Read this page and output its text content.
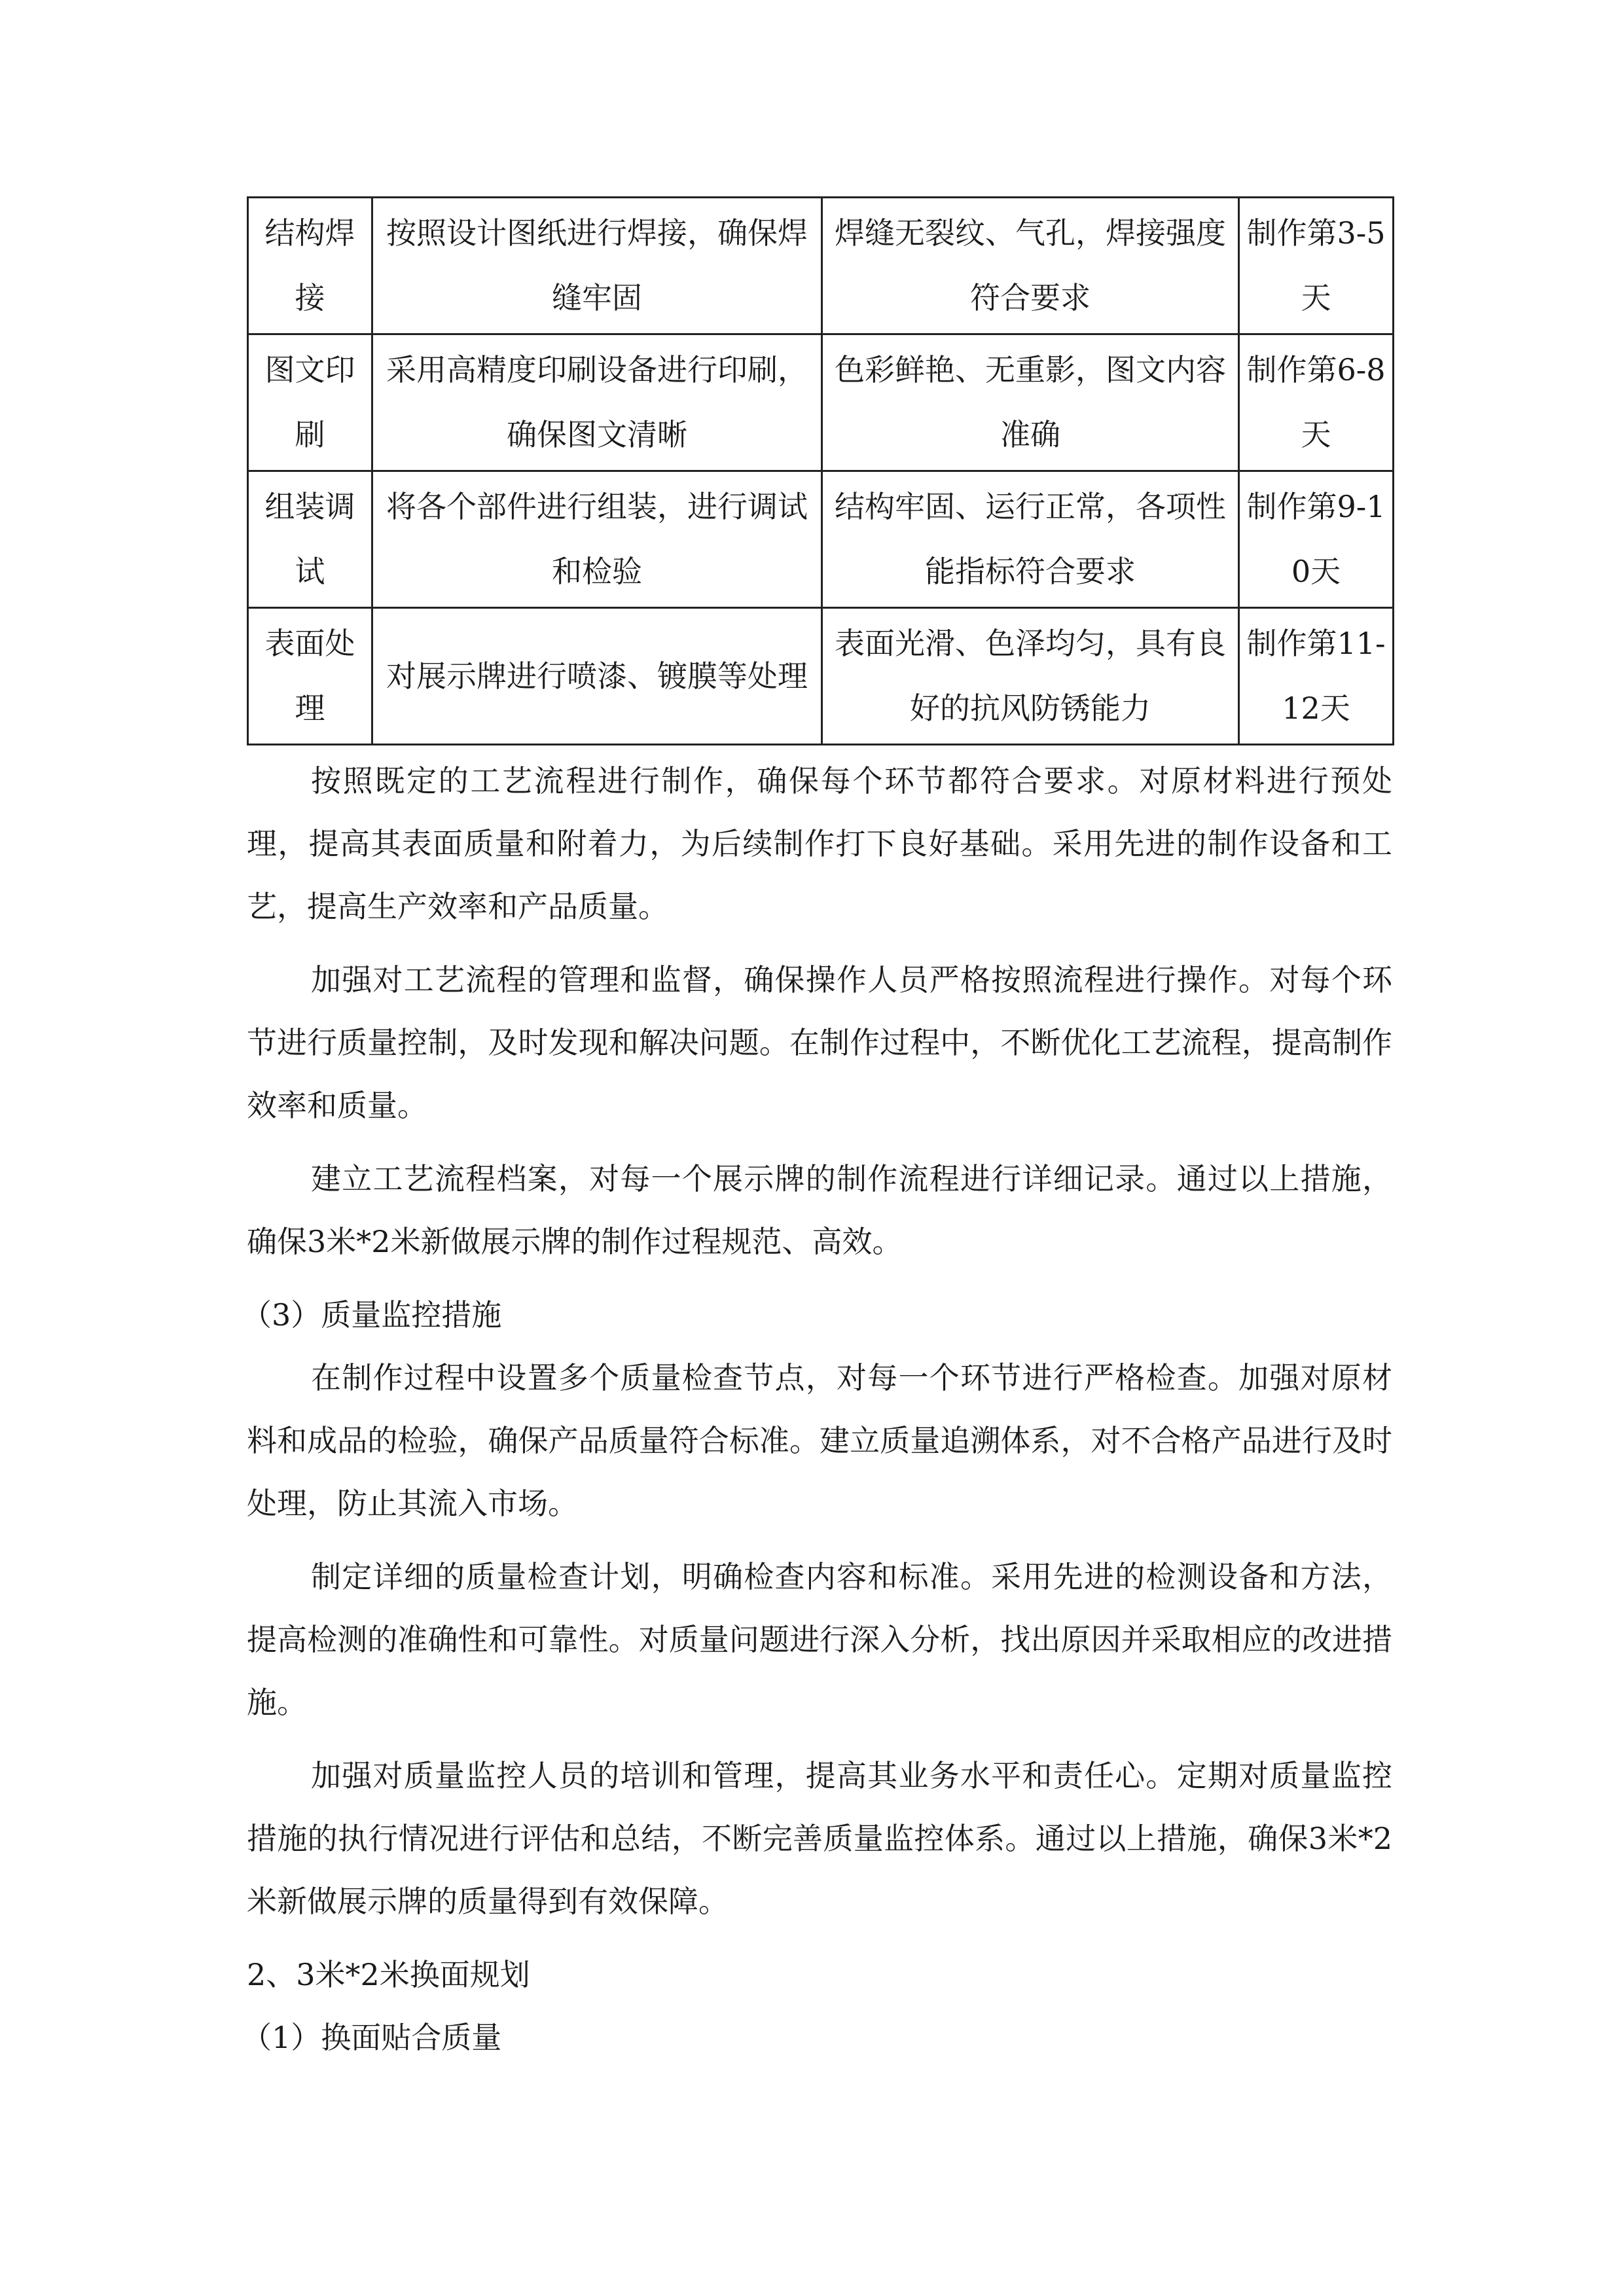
结构焊接	按照设计图纸进行焊接，确保焊缝牢固	焊缝无裂纹、气孔，焊接强度符合要求	制作第3-5天
图文印刷	采用高精度印刷设备进行印刷，确保图文清晰	色彩鲜艳、无重影，图文内容准确	制作第6-8天
组装调试	将各个部件进行组装，进行调试和检验	结构牢固、运行正常，各项性能指标符合要求	制作第9-10天
表面处理	对展示牌进行喷漆、镀膜等处理	表面光滑、色泽均匀，具有良好的抗风防锈能力	制作第11-12天

按照既定的工艺流程进行制作，确保每个环节都符合要求。对原材料进行预处理，提高其表面质量和附着力，为后续制作打下良好基础。采用先进的制作设备和工艺，提高生产效率和产品质量。

加强对工艺流程的管理和监督，确保操作人员严格按照流程进行操作。对每个环节进行质量控制，及时发现和解决问题。在制作过程中，不断优化工艺流程，提高制作效率和质量。

建立工艺流程档案，对每一个展示牌的制作流程进行详细记录。通过以上措施，确保3米*2米新做展示牌的制作过程规范、高效。

（3）质量监控措施

在制作过程中设置多个质量检查节点，对每一个环节进行严格检查。加强对原材料和成品的检验，确保产品质量符合标准。建立质量追溯体系，对不合格产品进行及时处理，防止其流入市场。

制定详细的质量检查计划，明确检查内容和标准。采用先进的检测设备和方法，提高检测的准确性和可靠性。对质量问题进行深入分析，找出原因并采取相应的改进措施。

加强对质量监控人员的培训和管理，提高其业务水平和责任心。定期对质量监控措施的执行情况进行评估和总结，不断完善质量监控体系。通过以上措施，确保3米*2米新做展示牌的质量得到有效保障。

2、3米*2米换面规划

（1）换面贴合质量
